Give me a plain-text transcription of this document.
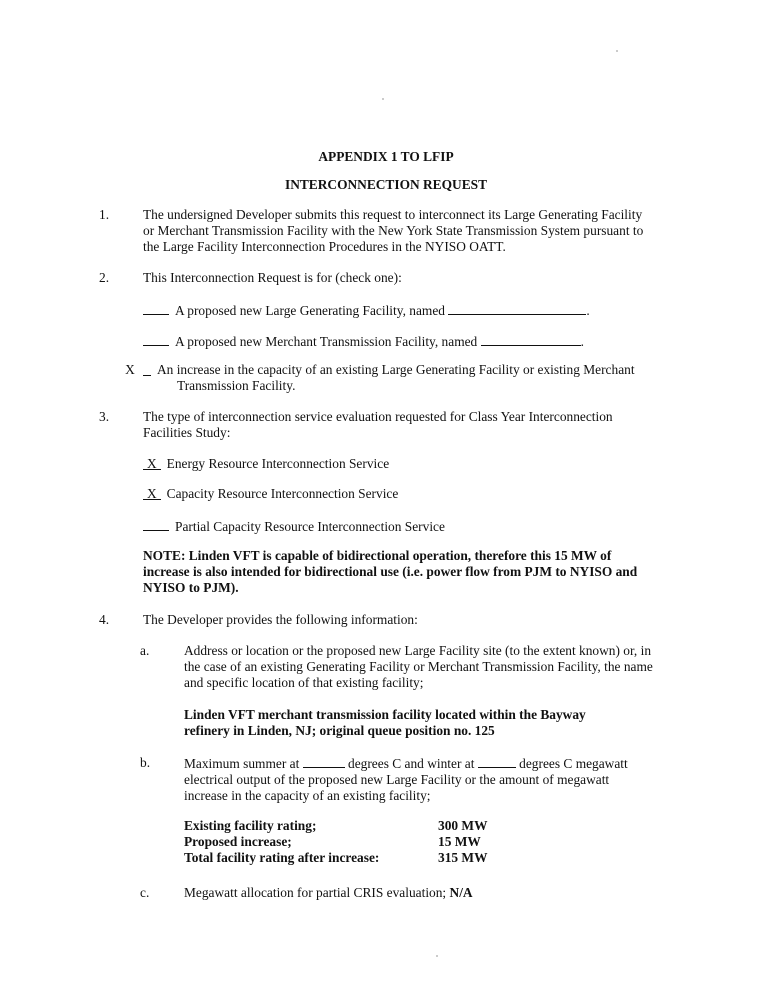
APPENDIX 1 TO LFIP
INTERCONNECTION REQUEST
1.	The undersigned Developer submits this request to interconnect its Large Generating Facility or Merchant Transmission Facility with the New York State Transmission System pursuant to the Large Facility Interconnection Procedures in the NYISO OATT.
2.	This Interconnection Request is for (check one):
A proposed new Large Generating Facility, named	.
A proposed new Merchant Transmission Facility, named	.
X An increase in the capacity of an existing Large Generating Facility or existing Merchant Transmission Facility.
3.	The type of interconnection service evaluation requested for Class Year Interconnection Facilities Study:
X Energy Resource Interconnection Service
X Capacity Resource Interconnection Service
Partial Capacity Resource Interconnection Service
NOTE: Linden VFT is capable of bidirectional operation, therefore this 15 MW of increase is also intended for bidirectional use (i.e. power flow from PJM to NYISO and NYISO to PJM).
4.	The Developer provides the following information:
a.	Address or location or the proposed new Large Facility site (to the extent known) or, in the case of an existing Generating Facility or Merchant Transmission Facility, the name and specific location of that existing facility;
Linden VFT merchant transmission facility located within the Bayway refinery in Linden, NJ; original queue position no. 125
b.	Maximum summer at	degrees C and winter at	degrees C megawatt electrical output of the proposed new Large Facility or the amount of megawatt increase in the capacity of an existing facility;
Existing facility rating;	300 MW
Proposed increase;	15 MW
Total facility rating after increase:	315 MW
c.	Megawatt allocation for partial CRIS evaluation; N/A
